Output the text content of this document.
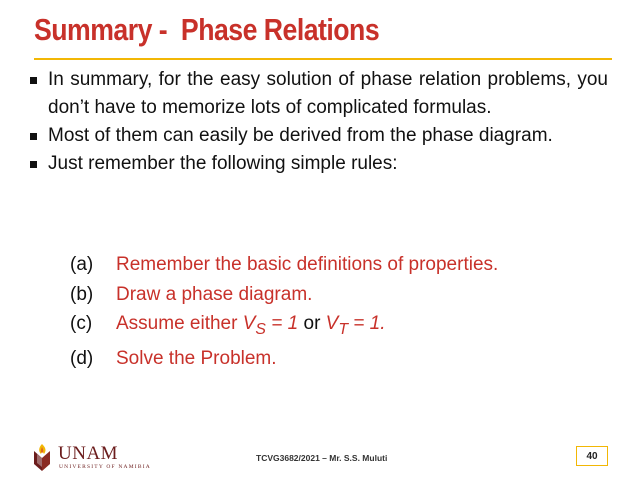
Summary -  Phase Relations
In summary, for the easy solution of phase relation problems, you don’t have to memorize lots of complicated formulas.
Most of them can easily be derived from the phase diagram.
Just remember the following simple rules:
(a)	Remember the basic definitions of properties.
(b)	Draw a phase diagram.
(c)	Assume either $V_S = 1$ or $V_T = 1$.
(d)	Solve the Problem.
UNAM
UNIVERSITY OF NAMIBIA
TCVG3682/2021 – Mr. S.S. Muluti	40
